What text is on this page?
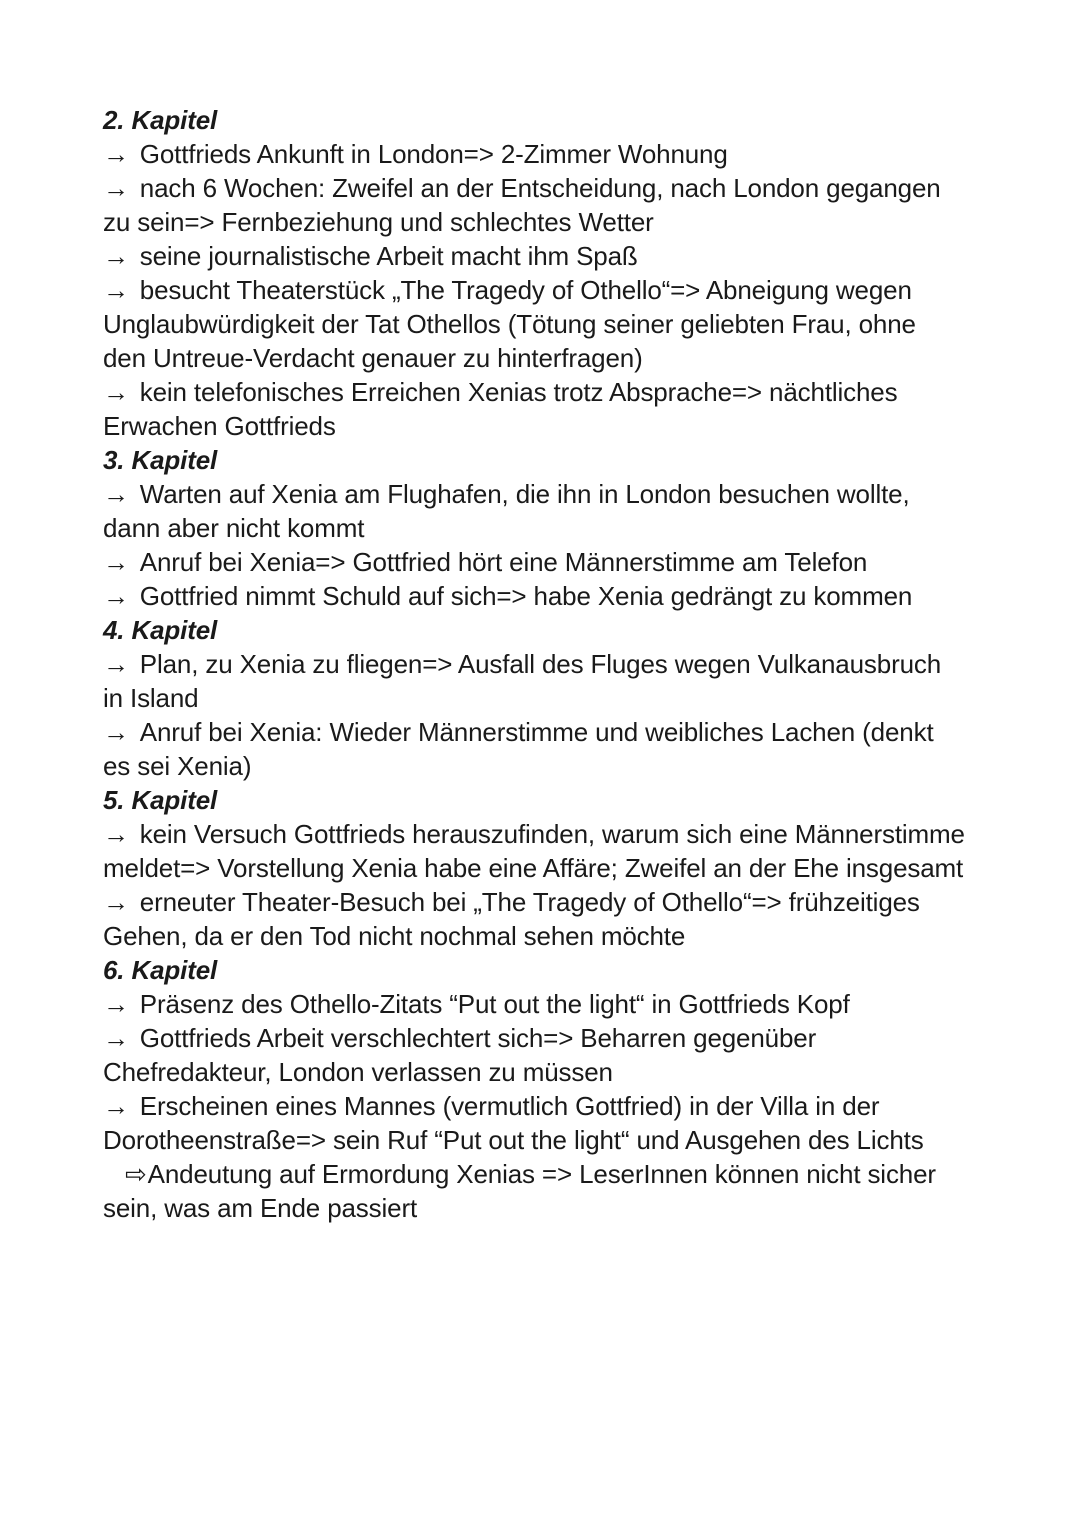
2. Kapitel

→ Gottfrieds Ankunft in London=> 2-Zimmer Wohnung

→ nach 6 Wochen: Zweifel an der Entscheidung, nach London gegangen zu sein=> Fernbeziehung und schlechtes Wetter

→ seine journalistische Arbeit macht ihm Spaß

→ besucht Theaterstück „The Tragedy of Othello“=> Abneigung wegen Unglaubwürdigkeit der Tat Othellos (Tötung seiner geliebten Frau, ohne den Untreue-Verdacht genauer zu hinterfragen)

→ kein telefonisches Erreichen Xenias trotz Absprache=> nächtliches Erwachen Gottfrieds

3. Kapitel

→ Warten auf Xenia am Flughafen, die ihn in London besuchen wollte, dann aber nicht kommt

→ Anruf bei Xenia=> Gottfried hört eine Männerstimme am Telefon

→ Gottfried nimmt Schuld auf sich=> habe Xenia gedrängt zu kommen

4. Kapitel

→ Plan, zu Xenia zu fliegen=> Ausfall des Fluges wegen Vulkanausbruch in Island

→ Anruf bei Xenia: Wieder Männerstimme und weibliches Lachen (denkt es sei Xenia)

5. Kapitel

→ kein Versuch Gottfrieds herauszufinden, warum sich eine Männerstimme meldet=> Vorstellung Xenia habe eine Affäre; Zweifel an der Ehe insgesamt

→ erneuter Theater-Besuch bei „The Tragedy of Othello“=> frühzeitiges Gehen, da er den Tod nicht nochmal sehen möchte

6. Kapitel

→ Präsenz des Othello-Zitats “Put out the light“ in Gottfrieds Kopf

→ Gottfrieds Arbeit verschlechtert sich=> Beharren gegenüber Chefredakteur, London verlassen zu müssen

→ Erscheinen eines Mannes (vermutlich Gottfried) in der Villa in der Dorotheenstraße=> sein Ruf “Put out the light“ und Ausgehen des Lichts

⇨Andeutung auf Ermordung Xenias => LeserInnen können nicht sicher sein, was am Ende passiert
